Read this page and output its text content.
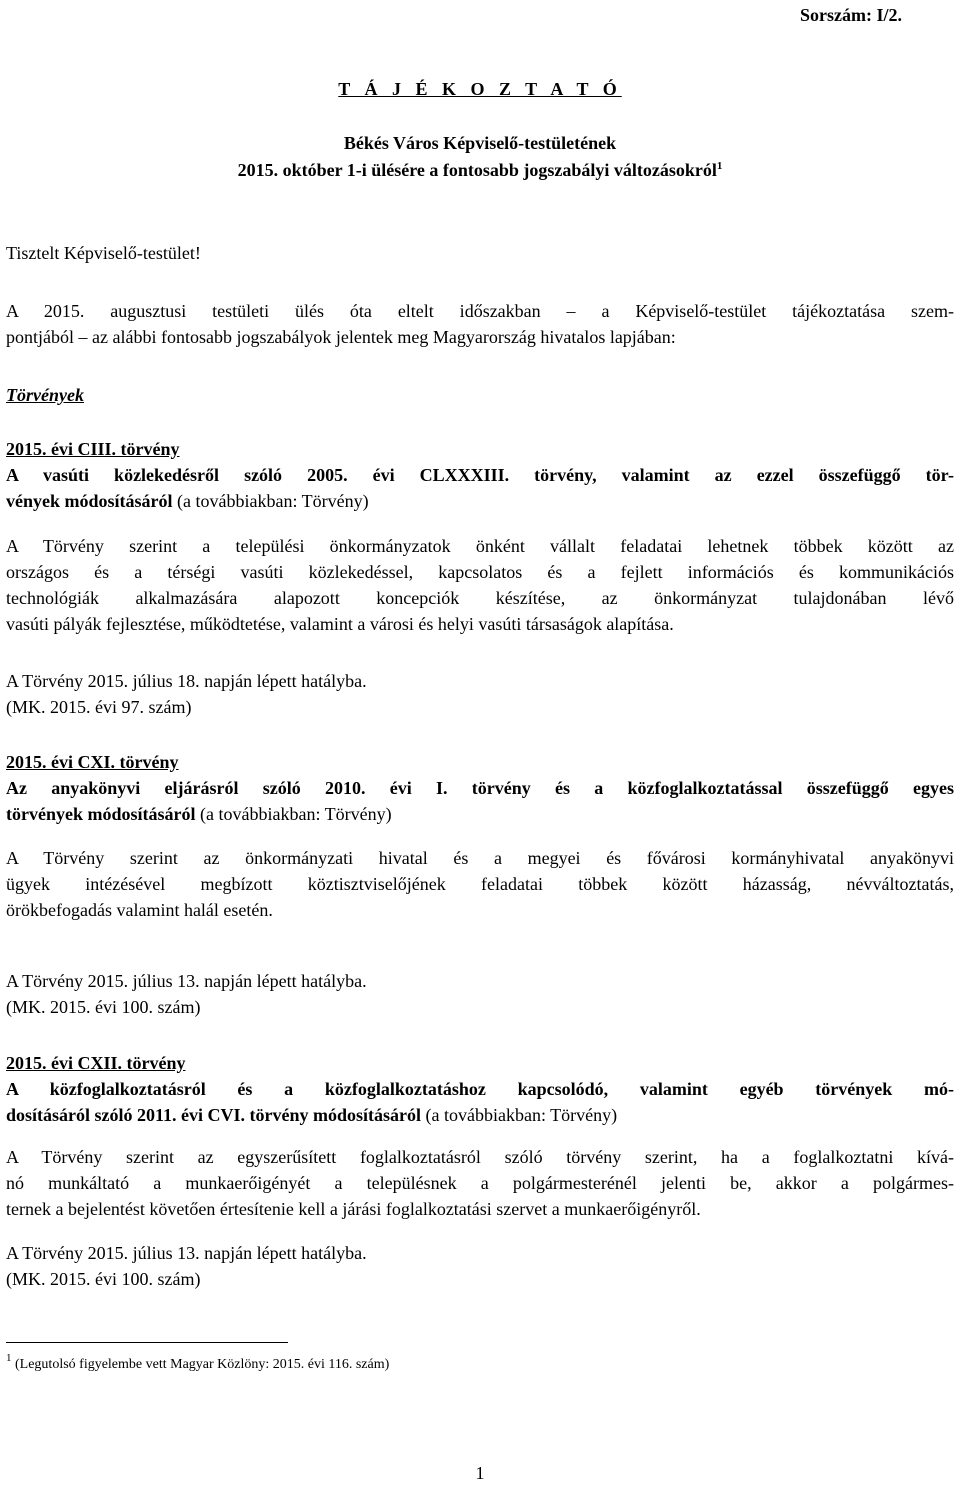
Sorszám: I/2.
T Á J É K O Z T A T Ó
Békés Város Képviselő-testületének
2015. október 1-i ülésére a fontosabb jogszabályi változásokról$^1$
Tisztelt Képviselő-testület!
A 2015. augusztusi testületi ülés óta eltelt időszakban – a Képviselő-testület tájékoztatása szem-
pontjából – az alábbi fontosabb jogszabályok jelentek meg Magyarország hivatalos lapjában:
Törvények
2015. évi CIII. törvény
A vasúti közlekedésről szóló 2005. évi CLXXXIII. törvény, valamint az ezzel összefüggő tör-
vények módosításáról (a továbbiakban: Törvény)
A Törvény szerint a települési önkormányzatok önként vállalt feladatai lehetnek többek között az
országos és a térségi vasúti közlekedéssel, kapcsolatos és a fejlett információs és kommunikációs
technológiák alkalmazására alapozott koncepciók készítése, az önkormányzat tulajdonában lévő
vasúti pályák fejlesztése, működtetése, valamint a városi és helyi vasúti társaságok alapítása.
A Törvény 2015. július 18. napján lépett hatályba.
(MK. 2015. évi 97. szám)
2015. évi CXI. törvény
Az anyakönyvi eljárásról szóló 2010. évi I. törvény és a közfoglalkoztatással összefüggő egyes
törvények módosításáról (a továbbiakban: Törvény)
A Törvény szerint az önkormányzati hivatal és a megyei és fővárosi kormányhivatal anyakönyvi
ügyek intézésével megbízott köztisztviselőjének feladatai többek között házasság, névváltoztatás,
örökbefogadás valamint halál esetén.
A Törvény 2015. július 13. napján lépett hatályba.
(MK. 2015. évi 100. szám)
2015. évi CXII. törvény
A közfoglalkoztatásról és a közfoglalkoztatáshoz kapcsolódó, valamint egyéb törvények mó-
dosításáról szóló 2011. évi CVI. törvény módosításáról (a továbbiakban: Törvény)
A Törvény szerint az egyszerűsített foglalkoztatásról szóló törvény szerint, ha a foglalkoztatni kívá-
nó munkáltató a munkaerőigényét a településnek a polgármesterénél jelenti be, akkor a polgármes-
ternek a bejelentést követően értesítenie kell a járási foglalkoztatási szervet a munkaerőigényről.
A Törvény 2015. július 13. napján lépett hatályba.
(MK. 2015. évi 100. szám)
$^1$ (Legutolsó figyelembe vett Magyar Közlöny: 2015. évi 116. szám)
1
